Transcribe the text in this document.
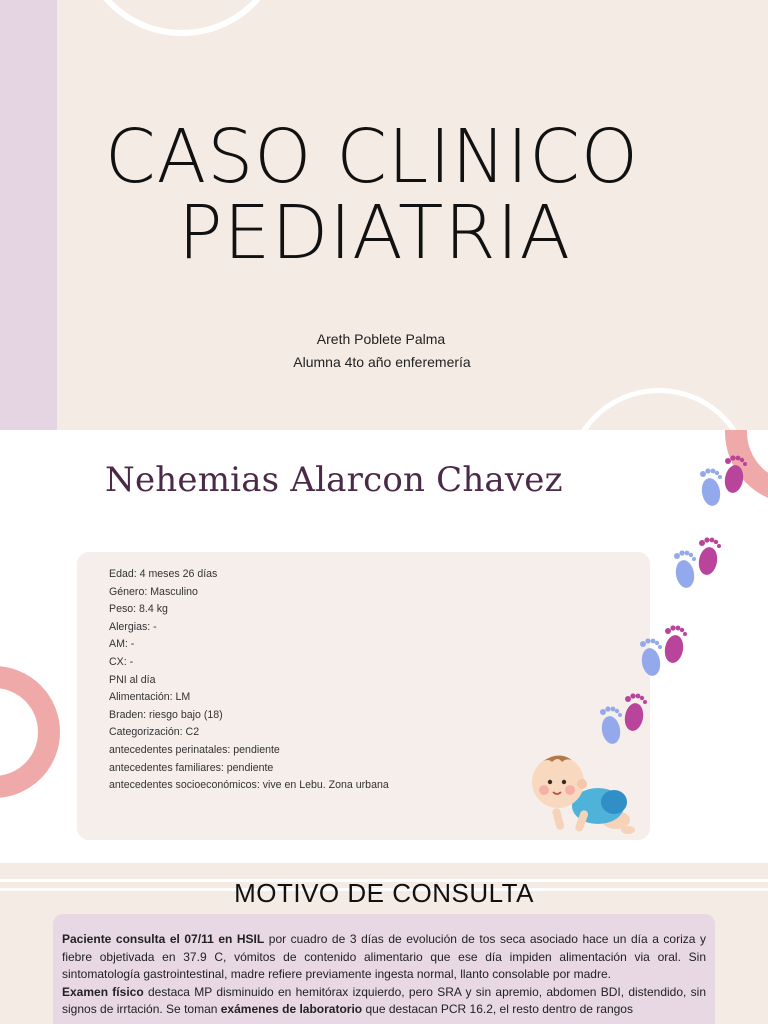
CASO CLINICO
PEDIATRIA
Areth Poblete Palma
Alumna 4to año enferemería
Nehemias Alarcon Chavez
Edad: 4 meses 26 días
Género: Masculino
Peso: 8.4 kg
Alergias: -
AM: -
CX: -
PNI al día
Alimentación: LM
Braden: riesgo bajo (18)
Categorización: C2
antecedentes perinatales: pendiente
antecedentes familiares: pendiente
antecedentes socioeconómicos: vive en Lebu. Zona urbana
MOTIVO DE CONSULTA

Paciente consulta el 07/11 en HSIL por cuadro de 3 días de evolución de tos seca asociado hace un día a coriza y fiebre objetivada en 37.9 C, vómitos de contenido alimentario que ese día impiden alimentación via oral. Sin sintomatología gastrointestinal, madre refiere previamente ingesta normal, llanto consolable por madre.
Examen físico destaca MP disminuido en hemitórax izquierdo, pero SRA y sin apremio, abdomen BDI, distendido, sin signos de irrtación. Se toman exámenes de laboratorio que destacan PCR 16.2, el resto dentro de rangos
